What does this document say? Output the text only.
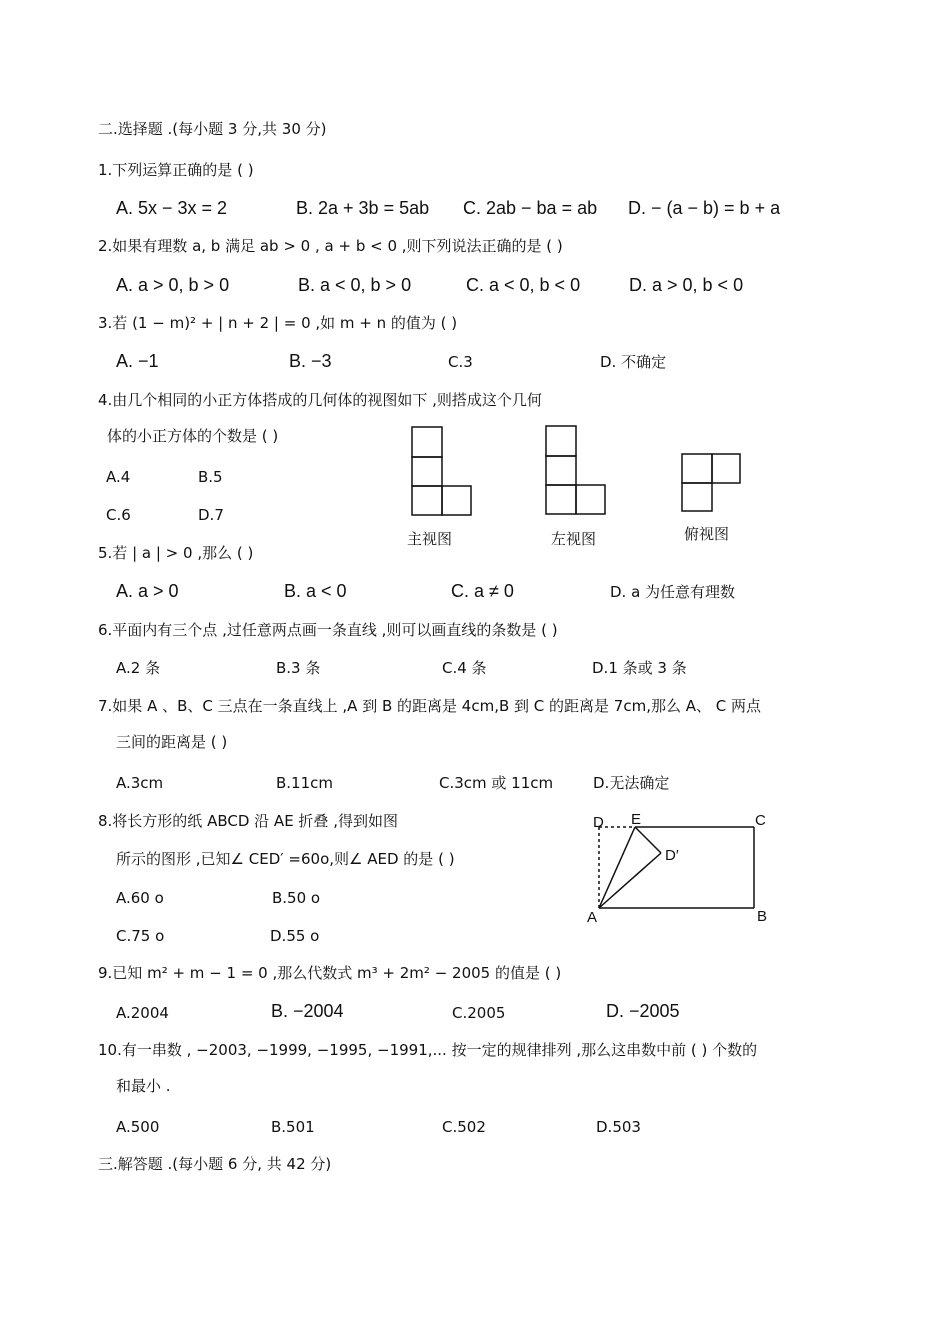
二.选择题 .(每小题 3 分,共 30 分)
1.下列运算正确的是 ( )
A. 5x − 3x = 2	B. 2a + 3b = 5ab C. 2ab − ba = ab D. − (a − b) = b + a
2.如果有理数 a, b 满足 ab > 0 , a + b < 0 ,则下列说法正确的是 ( )
A. a > 0, b > 0	B. a < 0, b > 0	C. a < 0, b < 0	D. a > 0, b < 0
3.若 (1 − m)² + | n + 2 | = 0 ,如 m + n 的值为 ( )
A. −1	B. −3	C.3	D. 不确定
4.由几个相同的小正方体搭成的几何体的视图如下 ,则搭成这个几何
体的小正方体的个数是 ( )
A.4	B.5
C.6	D.7
主视图	左视图	俯视图
5.若 | a | > 0 ,那么 ( )
A. a > 0	B. a < 0	C. a ≠ 0	D. a 为任意有理数
6.平面内有三个点 ,过任意两点画一条直线 ,则可以画直线的条数是 ( )
A.2 条	B.3 条	C.4 条	D.1 条或 3 条
7.如果 A 、B、C 三点在一条直线上 ,A 到 B 的距离是 4cm,B 到 C 的距离是 7cm,那么 A、 C 两点
三间的距离是 ( )
A.3cm	B.11cm	C.3cm 或 11cm	D.无法确定
8.将长方形的纸 ABCD 沿 AE 折叠 ,得到如图
所示的图形 ,已知∠ CED′ =60o,则∠ AED 的是 ( )
A.60 o	B.50 o
C.75 o	D.55 o
D E	C
D′
A	B
9.已知 m² + m − 1 = 0 ,那么代数式 m³ + 2m² − 2005 的值是 ( )
A.2004	B. −2004	C.2005	D. −2005
10.有一串数 , −2003, −1999, −1995, −1991,... 按一定的规律排列 ,那么这串数中前 ( ) 个数的
和最小 .
A.500	B.501	C.502	D.503
三.解答题 .(每小题 6 分, 共 42 分)
